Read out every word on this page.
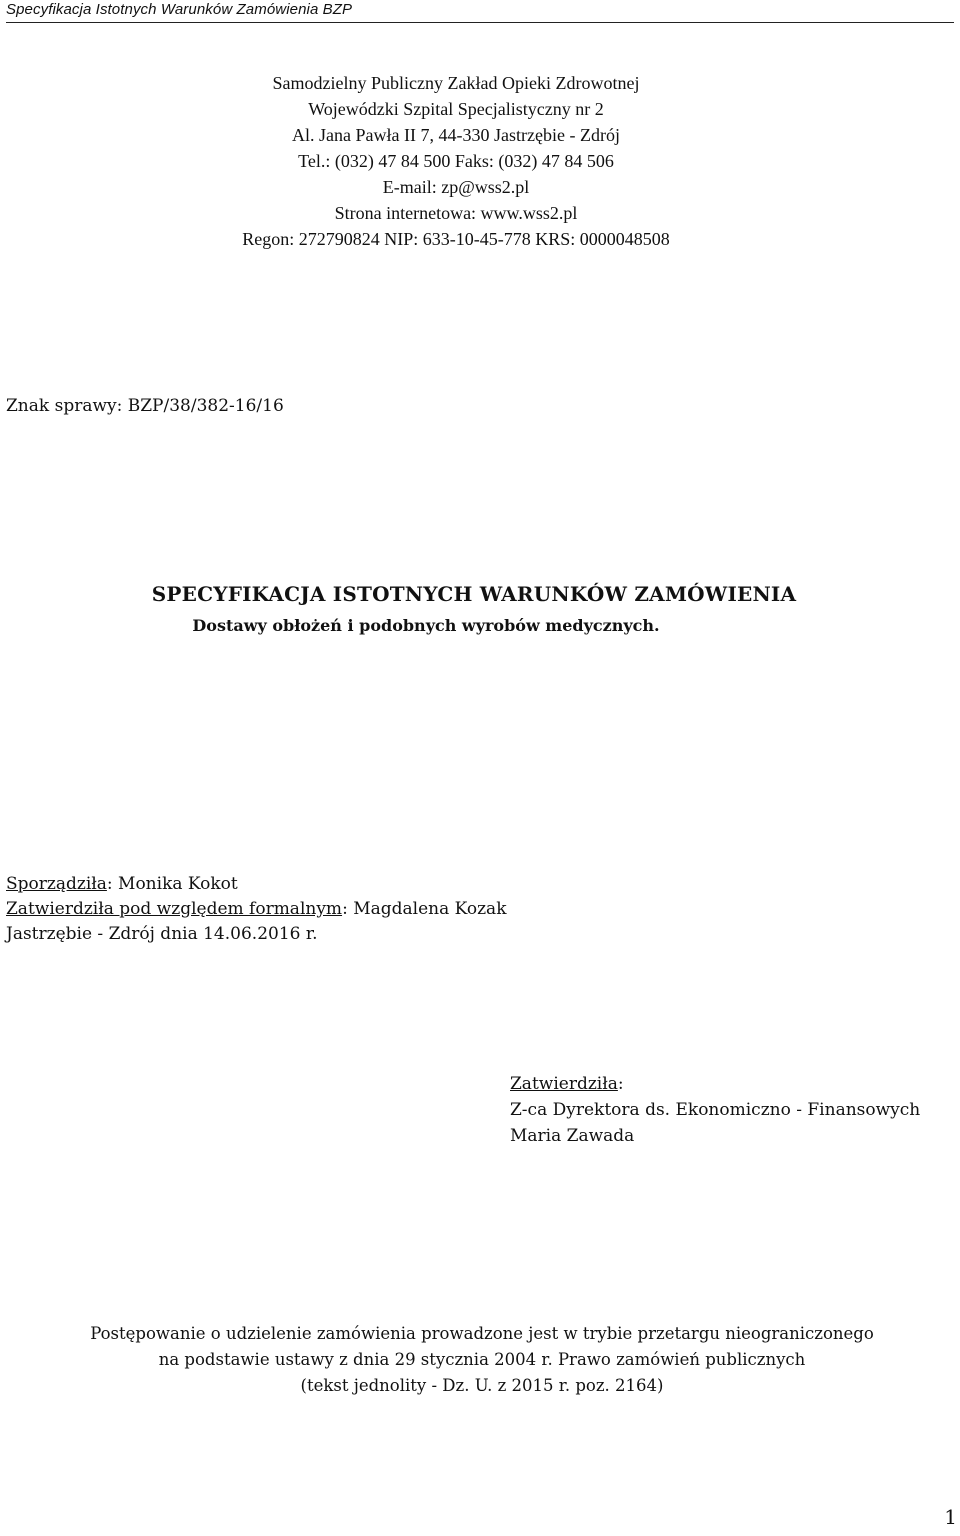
Specyfikacja Istotnych Warunków Zamówienia BZP
Samodzielny Publiczny Zakład Opieki Zdrowotnej
Wojewódzki Szpital Specjalistyczny nr 2
Al. Jana Pawła II 7, 44-330 Jastrzębie - Zdrój
Tel.: (032) 47 84 500 Faks: (032) 47 84 506
E-mail: zp@wss2.pl
Strona internetowa: www.wss2.pl
Regon: 272790824 NIP: 633-10-45-778 KRS: 0000048508
Znak sprawy: BZP/38/382-16/16
SPECYFIKACJA ISTOTNYCH WARUNKÓW ZAMÓWIENIA
Dostawy obłożeń i podobnych wyrobów medycznych.
Sporządziła: Monika Kokot
Zatwierdziła pod względem formalnym: Magdalena Kozak
Jastrzębie - Zdrój dnia 14.06.2016 r.
Zatwierdziła:
Z-ca Dyrektora ds. Ekonomiczno - Finansowych
Maria Zawada
Postępowanie o udzielenie zamówienia prowadzone jest w trybie przetargu nieograniczonego
na podstawie ustawy z dnia 29 stycznia 2004 r. Prawo zamówień publicznych
(tekst jednolity - Dz. U. z 2015 r. poz. 2164)
1
